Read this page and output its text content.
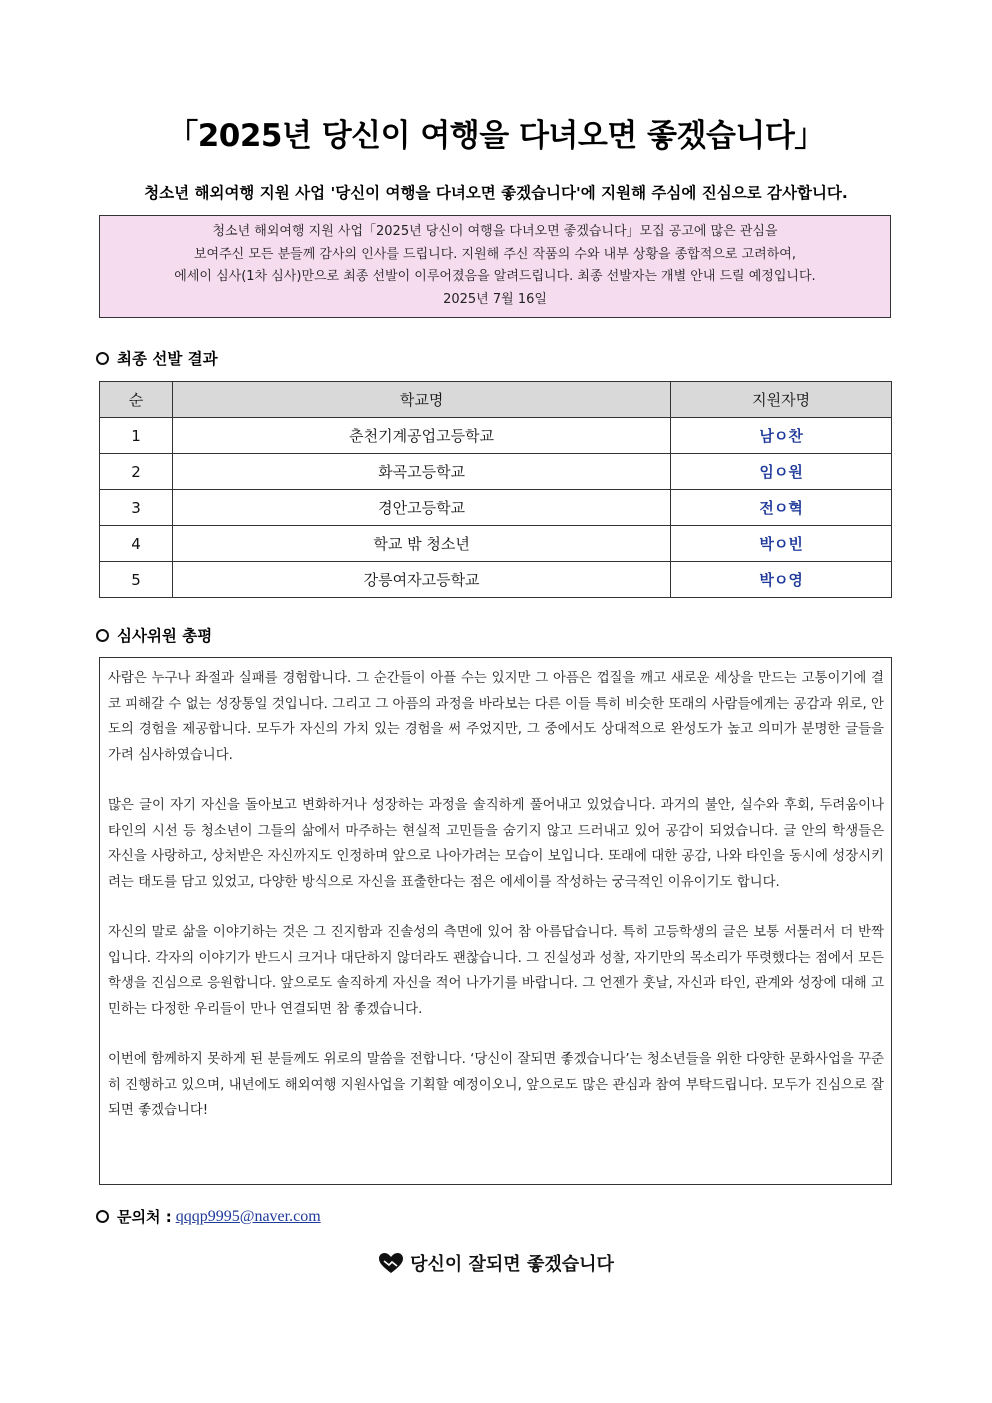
「2025년 당신이 여행을 다녀오면 좋겠습니다」
청소년 해외여행 지원 사업 '당신이 여행을 다녀오면 좋겠습니다'에 지원해 주심에 진심으로 감사합니다.
청소년 해외여행 지원 사업「2025년 당신이 여행을 다녀오면 좋겠습니다」모집 공고에 많은 관심을
보여주신 모든 분들께 감사의 인사를 드립니다. 지원해 주신 작품의 수와 내부 상황을 종합적으로 고려하여,
에세이 심사(1차 심사)만으로 최종 선발이 이루어졌음을 알려드립니다. 최종 선발자는 개별 안내 드릴 예정입니다.
2025년 7월 16일
최종 선발 결과
순	학교명	지원자명
1	춘천기계공업고등학교	남ㅇ찬
2	화곡고등학교	임ㅇ원
3	경안고등학교	전ㅇ혁
4	학교 밖 청소년	박ㅇ빈
5	강릉여자고등학교	박ㅇ영
심사위원 총평

사람은 누구나 좌절과 실패를 경험합니다. 그 순간들이 아플 수는 있지만 그 아픔은 껍질을 깨고 새로운 세상을 만드는 고통이기에 결코 피해갈 수 없는 성장통일 것입니다. 그리고 그 아픔의 과정을 바라보는 다른 이들 특히 비슷한 또래의 사람들에게는 공감과 위로, 안도의 경험을 제공합니다. 모두가 자신의 가치 있는 경험을 써 주었지만, 그 중에서도 상대적으로 완성도가 높고 의미가 분명한 글들을 가려 심사하였습니다.

많은 글이 자기 자신을 돌아보고 변화하거나 성장하는 과정을 솔직하게 풀어내고 있었습니다. 과거의 불안, 실수와 후회, 두려움이나 타인의 시선 등 청소년이 그들의 삶에서 마주하는 현실적 고민들을 숨기지 않고 드러내고 있어 공감이 되었습니다. 글 안의 학생들은 자신을 사랑하고, 상처받은 자신까지도 인정하며 앞으로 나아가려는 모습이 보입니다. 또래에 대한 공감, 나와 타인을 동시에 성장시키려는 태도를 담고 있었고, 다양한 방식으로 자신을 표출한다는 점은 에세이를 작성하는 궁극적인 이유이기도 합니다.

자신의 말로 삶을 이야기하는 것은 그 진지함과 진솔성의 측면에 있어 참 아름답습니다. 특히 고등학생의 글은 보통 서툴러서 더 반짝입니다. 각자의 이야기가 반드시 크거나 대단하지 않더라도 괜찮습니다. 그 진실성과 성찰, 자기만의 목소리가 뚜렷했다는 점에서 모든 학생을 진심으로 응원합니다. 앞으로도 솔직하게 자신을 적어 나가기를 바랍니다. 그 언젠가 훗날, 자신과 타인, 관계와 성장에 대해 고민하는 다정한 우리들이 만나 연결되면 참 좋겠습니다.

이번에 함께하지 못하게 된 분들께도 위로의 말씀을 전합니다. ‘당신이 잘되면 좋겠습니다’는 청소년들을 위한 다양한 문화사업을 꾸준히 진행하고 있으며, 내년에도 해외여행 지원사업을 기획할 예정이오니, 앞으로도 많은 관심과 참여 부탁드립니다. 모두가 진심으로 잘 되면 좋겠습니다!

문의처 : qqqp9995@naver.com
당신이 잘되면 좋겠습니다
